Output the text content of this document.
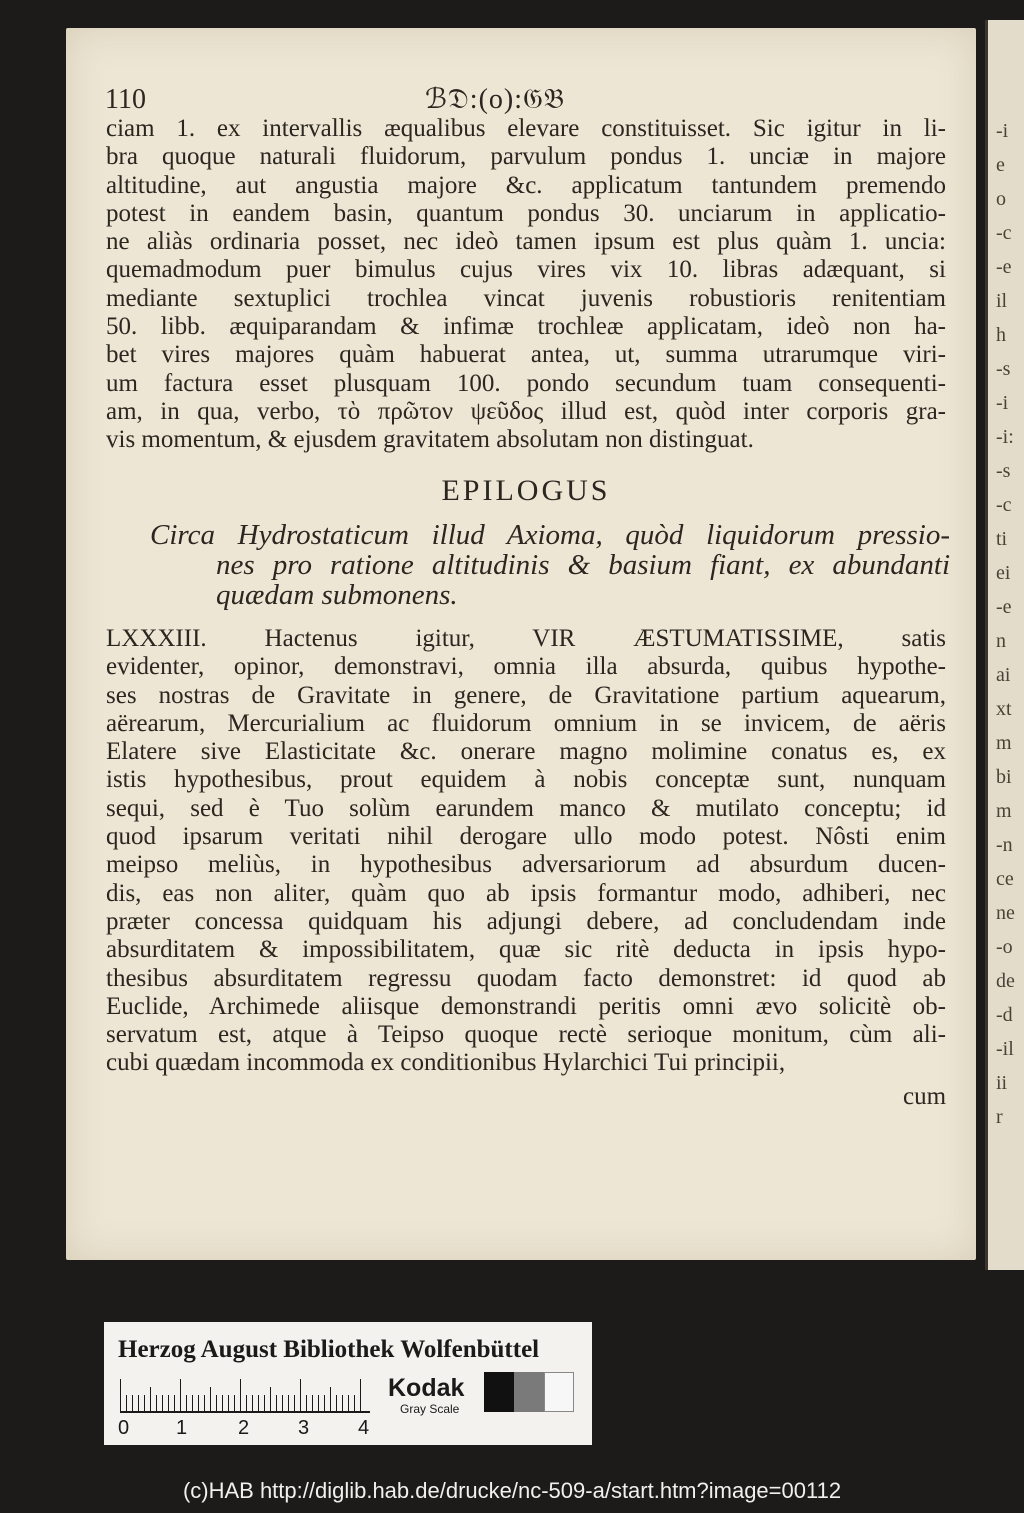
-i
e
o
-c
-e
il
h
-s
-i
-i:
-s
-c
ti
ei
-e
n
ai
xt
m
bi
m
-n
ce
ne
-o
de
-d
-il
ii
r
110	ℬ𝔇:(o):𝔊𝔅
ciam 1. ex intervallis æqualibus elevare constituisset. Sic igitur in li-
bra quoque naturali fluidorum, parvulum pondus 1. unciæ in majore
altitudine, aut angustia majore &c. applicatum tantundem premendo
potest in eandem basin, quantum pondus 30. unciarum in applicatio-
ne aliàs ordinaria posset, nec ideò tamen ipsum est plus quàm 1. uncia:
quemadmodum puer bimulus cujus vires vix 10. libras adæquant, si
mediante sextuplici trochlea vincat juvenis robustioris renitentiam
50. libb. æquiparandam & infimæ trochleæ applicatam, ideò non ha-
bet vires majores quàm habuerat antea, ut, summa utrarumque viri-
um factura esset plusquam 100. pondo secundum tuam consequenti-
am, in qua, verbo, τὸ πρῶτον ψεῦδος illud est, quòd inter corporis gra-
vis momentum, & ejusdem gravitatem absolutam non distinguat.
EPILOGUS
Circa Hydrostaticum illud Axioma, quòd liquidorum pressio-
nes pro ratione altitudinis & basium fiant, ex abundanti
quædam submonens.
LXXXIII. Hactenus igitur, VIR ÆSTUMATISSIME, satis
evidenter, opinor, demonstravi, omnia illa absurda, quibus hypothe-
ses nostras de Gravitate in genere, de Gravitatione partium aquearum,
aërearum, Mercurialium ac fluidorum omnium in se invicem, de aëris
Elatere sive Elasticitate &c. onerare magno molimine conatus es, ex
istis hypothesibus, prout equidem à nobis conceptæ sunt, nunquam
sequi, sed è Tuo solùm earundem manco & mutilato conceptu; id
quod ipsarum veritati nihil derogare ullo modo potest. Nôsti enim
meipso meliùs, in hypothesibus adversariorum ad absurdum ducen-
dis, eas non aliter, quàm quo ab ipsis formantur modo, adhiberi, nec
præter concessa quidquam his adjungi debere, ad concludendam inde
absurditatem & impossibilitatem, quæ sic ritè deducta in ipsis hypo-
thesibus absurditatem regressu quodam facto demonstret: id quod ab
Euclide, Archimede aliisque demonstrandi peritis omni ævo solicitè ob-
servatum est, atque à Teipso quoque rectè serioque monitum, cùm ali-
cubi quædam incommoda ex conditionibus Hylarchici Tui principii,
cum
Herzog August Bibliothek Wolfenbüttel
0 1	2 3 4
Kodak
Gray Scale
(c)HAB http://diglib.hab.de/drucke/nc-509-a/start.htm?image=00112
